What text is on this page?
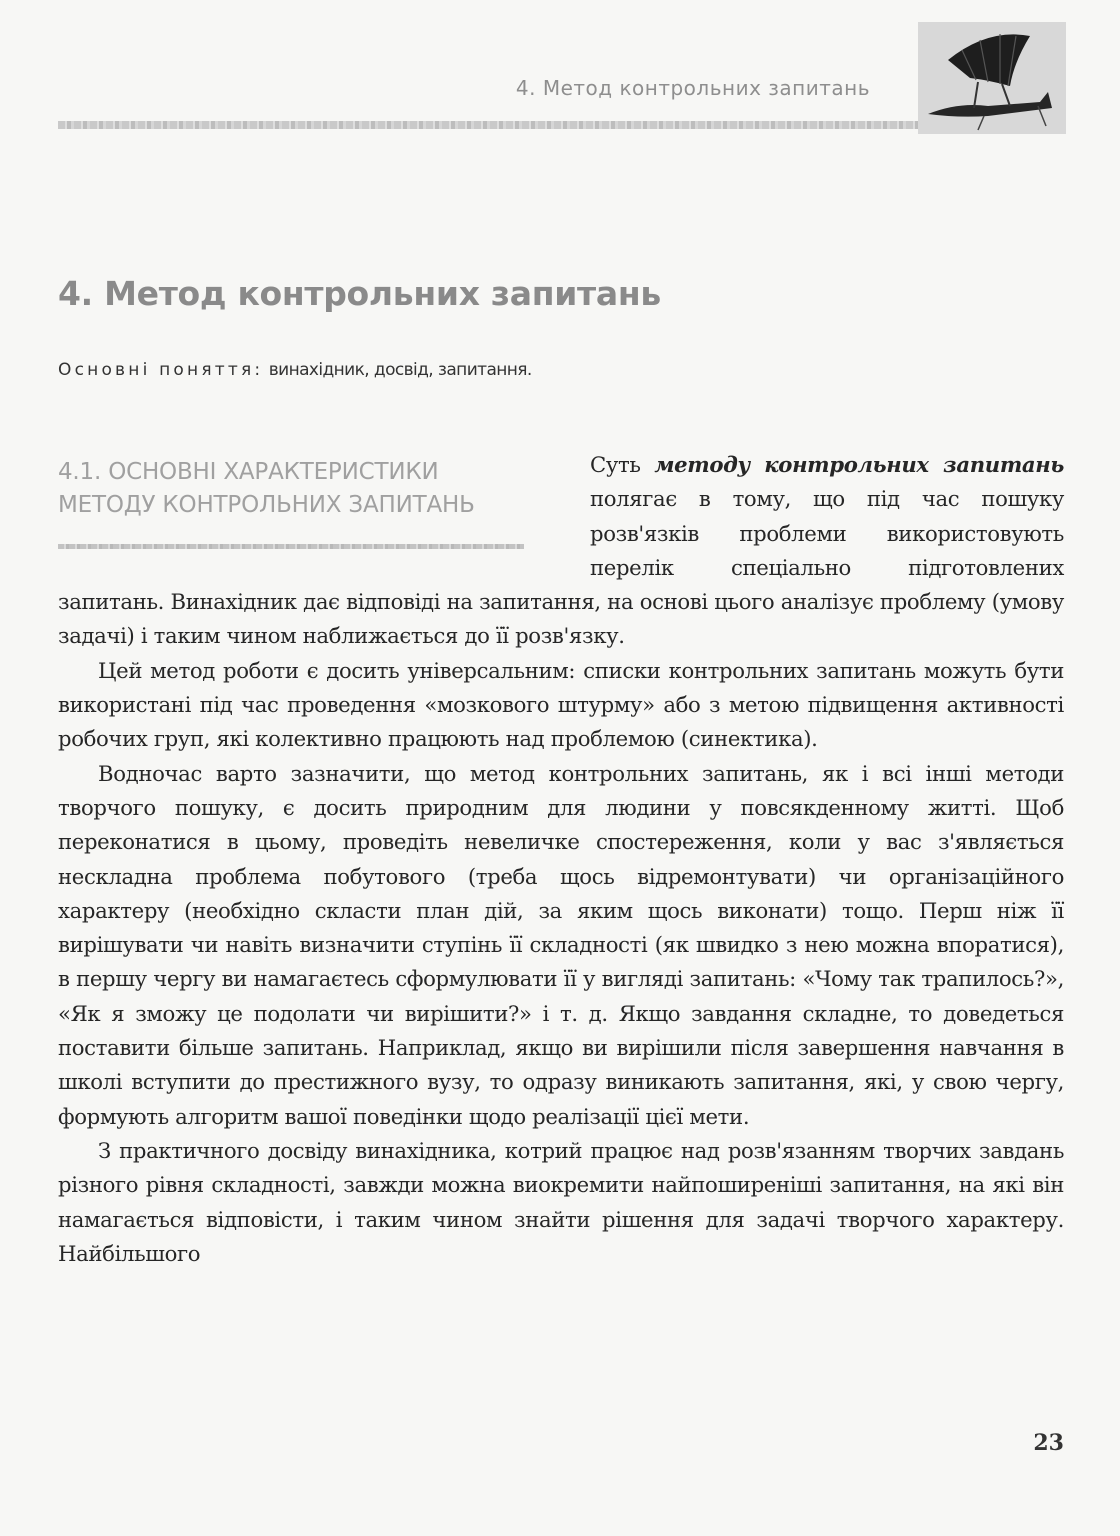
4. Метод контрольних запитань
4. Метод контрольних запитань

Основні поняття: винахідник, досвід, запитання.

4.1. ОСНОВНІ ХАРАКТЕРИСТИКИ
МЕТОДУ КОНТРОЛЬНИХ ЗАПИТАНЬ

Суть методу контрольних запитань полягає в тому, що під час пошуку розв'язків проблеми використовують перелік спеціально підготовлених запитань. Винахідник дає відповіді на запитання, на основі цього аналізує проблему (умову задачі) і таким чином наближається до її розв'язку.

Цей метод роботи є досить універсальним: списки контрольних запитань можуть бути використані під час проведення «мозкового штурму» або з метою підвищення активності робочих груп, які колективно працюють над проблемою (синектика).

Водночас варто зазначити, що метод контрольних запитань, як і всі інші методи творчого пошуку, є досить природним для людини у повсякденному житті. Щоб переконатися в цьому, проведіть невеличке спостереження, коли у вас з'являється нескладна проблема побутового (треба щось відремонтувати) чи організаційного характеру (необхідно скласти план дій, за яким щось виконати) тощо. Перш ніж її вирішувати чи навіть визначити ступінь її складності (як швидко з нею можна впоратися), в першу чергу ви намагаєтесь сформулювати її у вигляді запитань: «Чому так трапилось?», «Як я зможу це подолати чи вирішити?» і т. д. Якщо завдання складне, то доведеться поставити більше запитань. Наприклад, якщо ви вирішили після завершення навчання в школі вступити до престижного вузу, то одразу виникають запитання, які, у свою чергу, формують алгоритм вашої поведінки щодо реалізації цієї мети.

З практичного досвіду винахідника, котрий працює над розв'язанням творчих завдань різного рівня складності, завжди можна виокремити найпоширеніші запитання, на які він намагається відповісти, і таким чином знайти рішення для задачі творчого характеру. Найбільшого

23
